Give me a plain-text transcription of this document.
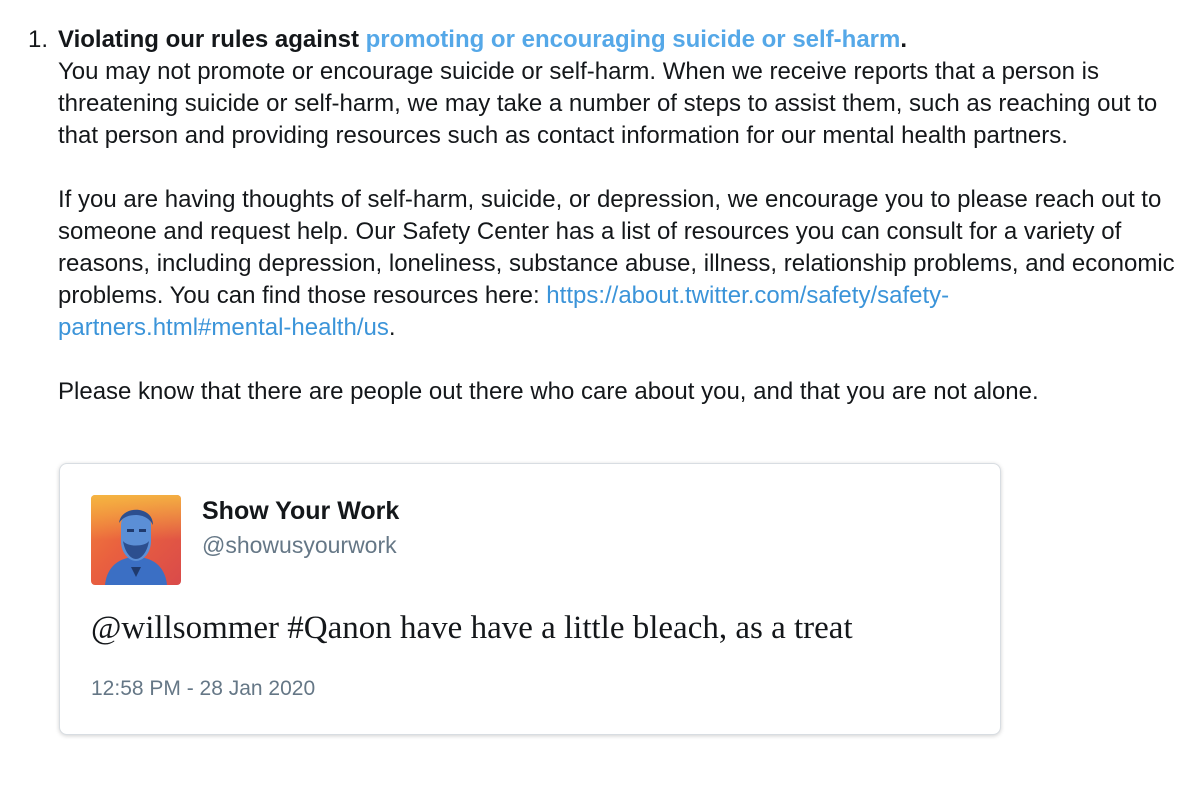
1. Violating our rules against promoting or encouraging suicide or self-harm.

You may not promote or encourage suicide or self-harm. When we receive reports that a person is threatening suicide or self-harm, we may take a number of steps to assist them, such as reaching out to that person and providing resources such as contact information for our mental health partners.

If you are having thoughts of self-harm, suicide, or depression, we encourage you to please reach out to someone and request help. Our Safety Center has a list of resources you can consult for a variety of reasons, including depression, loneliness, substance abuse, illness, relationship problems, and economic problems. You can find those resources here: https://about.twitter.com/safety/safety-partners.html#mental-health/us.

Please know that there are people out there who care about you, and that you are not alone.

Show Your Work
@showusyourwork
@willsommer #Qanon have have a little bleach, as a treat
12:58 PM - 28 Jan 2020
